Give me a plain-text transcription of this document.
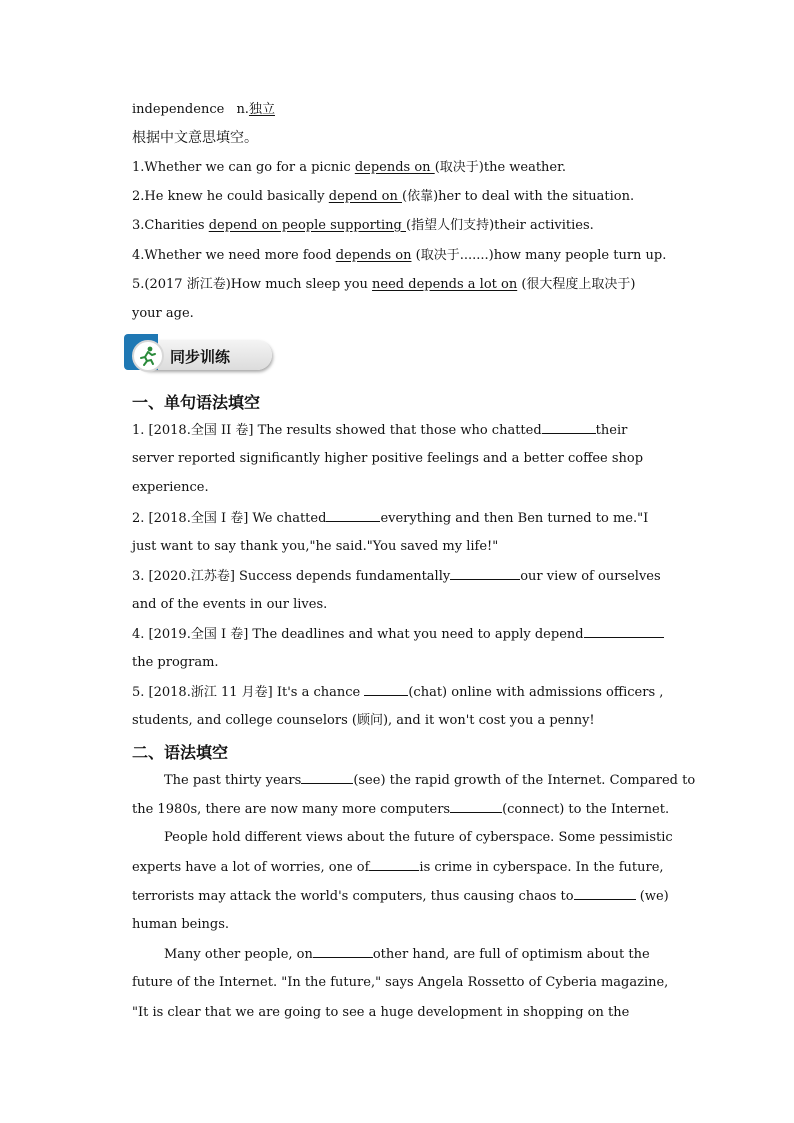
independence n.独立
根据中文意思填空。
1.Whether we can go for a picnic depends on (取决于)the weather.
2.He knew he could basically depend on (依靠)her to deal with the situation.
3.Charities depend on people supporting (指望人们支持)their activities.
4.Whether we need more food depends on (取决于.......)how many people turn up.
5.(2017 浙江卷)How much sleep you need depends a lot on (很大程度上取决于)
your age.
同步训练
一、单句语法填空
1. [2018.全国 II 卷] The results showed that those who chatted	their
server reported significantly higher positive feelings and a better coffee shop
experience.
2. [2018.全国 I 卷] We chatted	everything and then Ben turned to me."I
just want to say thank you,"he said."You saved my life!"
3. [2020.江苏卷] Success depends fundamentally	our view of ourselves
and of the events in our lives.
4. [2019.全国 I 卷] The deadlines and what you need to apply depend
the program.
5. [2018.浙江 11 月卷] It's a chance	(chat) online with admissions officers ,
students, and college counselors (顾问), and it won't cost you a penny!
二、语法填空
The past thirty years	(see) the rapid growth of the Internet. Compared to
the 1980s, there are now many more computers	(connect) to the Internet.
People hold different views about the future of cyberspace. Some pessimistic
experts have a lot of worries, one of	is crime in cyberspace. In the future,
terrorists may attack the world's computers, thus causing chaos to	(we)
human beings.
Many other people, on	other hand, are full of optimism about the
future of the Internet. "In the future," says Angela Rossetto of Cyberia magazine,
"It is clear that we are going to see a huge development in shopping on the
